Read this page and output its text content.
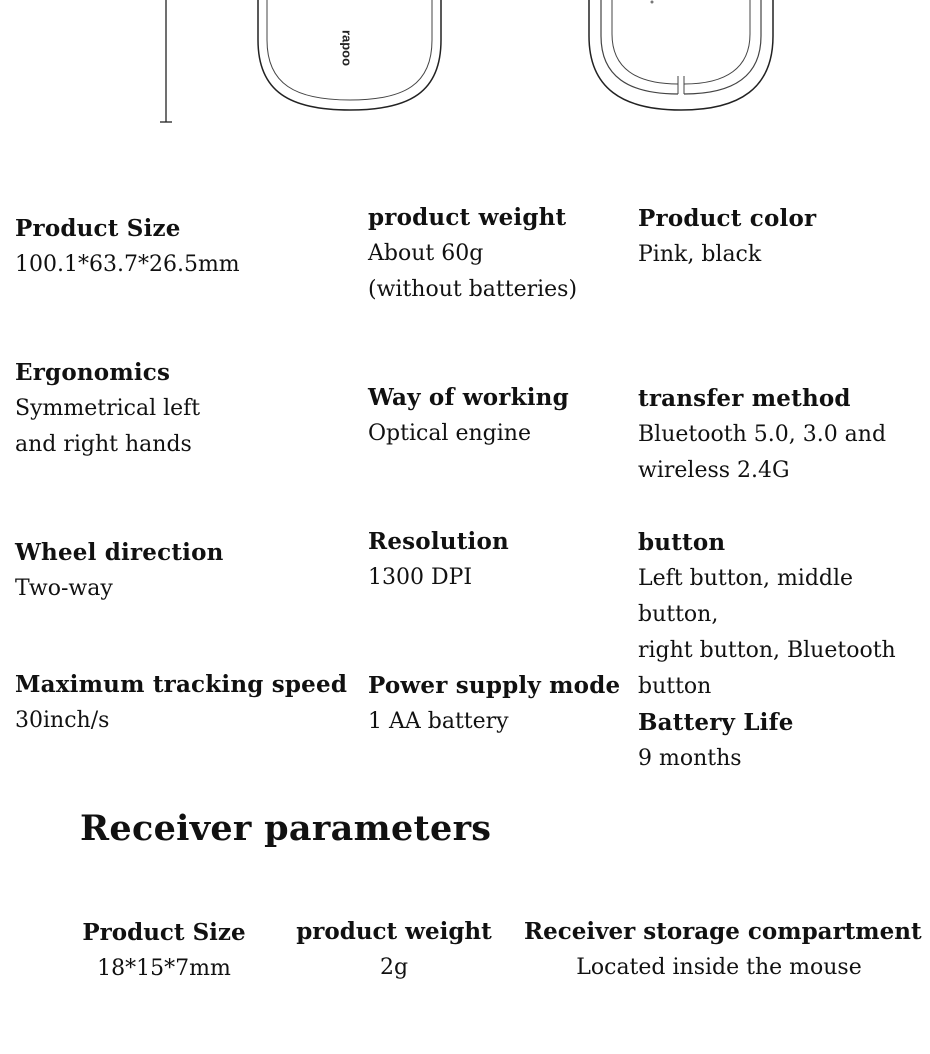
rapoo
Product Size
100.1*63.7*26.5mm
product weight
About 60g
(without batteries)
Product color
Pink, black
Ergonomics
Symmetrical left
and right hands
Way of working
Optical engine
transfer method
Bluetooth 5.0, 3.0 and
wireless 2.4G
Wheel direction
Two-way
Resolution
1300 DPI
button
Left button, middle button,
right button, Bluetooth
button
Maximum tracking speed
30inch/s
Power supply mode
1 AA battery	Battery Life
9 months
Receiver parameters
Product Size
18*15*7mm
product weight
2g
Receiver storage compartment
Located inside the mouse
